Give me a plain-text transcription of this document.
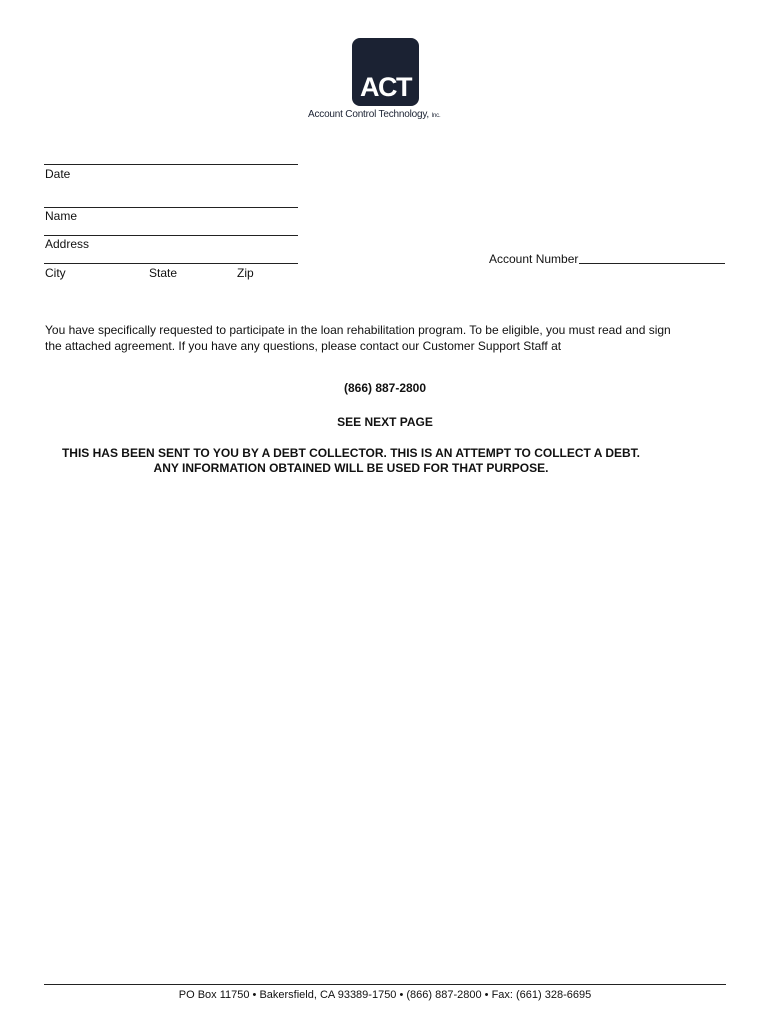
ACT
Account Control Technology, Inc.
Date
Name
Address
City	State	Zip
Account Number
You have specifically requested to participate in the loan rehabilitation program. To be eligible, you must read and sign
the attached agreement. If you have any questions, please contact our Customer Support Staff at
(866) 887-2800
SEE NEXT PAGE
THIS HAS BEEN SENT TO YOU BY A DEBT COLLECTOR. THIS IS AN ATTEMPT TO COLLECT A DEBT.
ANY INFORMATION OBTAINED WILL BE USED FOR THAT PURPOSE.
PO Box 11750 • Bakersfield, CA 93389-1750 • (866) 887-2800 • Fax: (661) 328-6695
